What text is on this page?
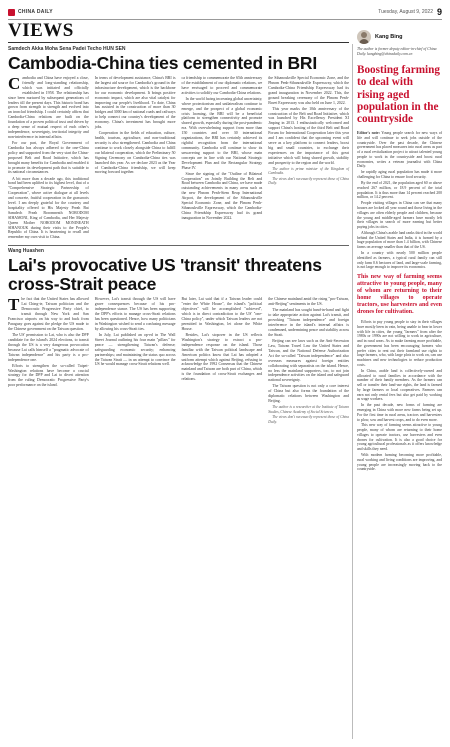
CHINA DAILY	Tuesday, August 9, 2022 9
VIEWS
Samdech Akka Moha Sena Padei Techo HUN SEN
Cambodia-China ties cemented in BRI

Cambodia and China have enjoyed a close, friendly and long-standing relationship, which was initiated and officially established in 1958. The relationship has since been nurtured by subsequent generations of leaders till the present days. This historic bond has grown from strength to strength and evolved into an ironclad friendship. I could certainly affirm that Cambodia-China relations are built on the foundation of a proven political trust and driven by a deep sense of mutual respect of each other's independence, sovereignty, territorial integrity and non-interference in internal affairs.

For our part, the Royal Government of Cambodia has always adhered to the one-China policy and supported from the very start the China-proposed Belt and Road Initiative, which has brought many benefits for Cambodia and enabled it to promote its development path that is suitable to its national circumstances.

A bit more than a decade ago, this traditional bond had been uplifted to its highest level, that of a "Comprehensive Strategic Partnership of Cooperation", where active dialogue at all levels and concrete, fruitful cooperation in the grassroots level. I am deeply grateful for the courtesy and hospitality offered to His Majesty Preah Bat Samdech Preah Boromneath NORODOM SIHAMONI, King of Cambodia, and Her Majesty Queen Mother NORODOM MONINEATH SIHANOUK during their visits to the People's Republic of China. It is heartening to recall and remember my own visit to China.

In terms of development assistance, China's BRI is the largest aid source for Cambodia's ground in the infrastructure development, which is the backbone for our economic development. It brings positive economic impact, which are also vital catalyst for improving our people's livelihood. To date, China has assisted in the construction of more than 30 bridges and 3000 km of national roads and railways to help connect our country's development of the economy. China's investment has brought more jobs.

Cooperation in the fields of education, culture, health, tourism, agriculture, and non-traditional security is also strengthened. Cambodia and China continue to work closely alongside China to fulfill our bilateral cooperation, which the Preliminary 50 Signing Ceremony on Cambodia-China ties was launched this year. As we declare 2023 as the Year of Cambodia-China friendship, we will keep moving forward together.

ca friendship to commemorate the 65th anniversary of the establishment of our diplomatic relations, we have envisaged to proceed and commemorate activities to solidify our Cambodia-China relations.

In the world facing increasing global uncertainty, where protectionism and unilateralism continue to emerge, and the prospect of a global economic crisis looming, the BRI will be a beneficial platform to strengthen connectivity and promote shared growth, especially during the post-pandemic era. With overwhelming support from more than 150 countries and over 30 international organizations, the BRI has certainly achieved its rightful recognition from the international community. Cambodia will continue to show its unwavering support to the BRI, whose main concepts are in line with our National Strategic Development Plan and the Rectangular Strategy Phase IV.

Since the signing of the "Outline of Bilateral Cooperation" on Jointly Building the Belt and Road between Cambodia and China, we have made outstanding achievements in many areas such as the new Phnom Penh-Siem Reap International Airport, the development of the Sihanoukville Special Economic Zone, and the Phnom Penh-Sihanoukville Expressway, which the Cambodia-China Friendship Expressway had its grand inauguration in November 2022.

the Sihanoukville Special Economic Zone, and the Phnom Penh-Sihanoukville Expressway, which the Cambodia-China Friendship Expressway had its grand inauguration in November 2022. This, the ground breaking ceremony of the Phnom Penh-Bavet Expressway was also held on June 1, 2022.

This year marks the 10th anniversary of the construction of the Belt and Road Initiative, which was launched by His Excellency President XI Jinping in 2013. I enthusiastically welcomed and support China's hosting of the third Belt and Road Forum for International Cooperation later this year and I am confident that the upcoming event will serve as a key platform to connect leaders, boost big and small countries, to exchange their experiences on the importance of this great initiative which will bring shared growth, stability and prosperity to the region and the world.

The author is prime minister of the Kingdom of Cambodia.

The views don't necessarily represent those of China Daily.

Wang Huashen
Lai's provocative US 'transit' threatens cross-Strait peace

The fact that the United States has allowed Lai Ching-te, Taiwan politician and the Democratic Progressive Party chief, to transit through New York and San Francisco airports on his way to and back from Paraguay goes against the pledge the US made to the Chinese government on the Taiwan question.

The US' permission to Lai, who is also the DPP candidate for the island's 2024 elections, to transit through the US is a very dangerous provocation because Lai calls himself a "pragmatic advocate of Taiwan independence" and his party is a pro-independence one.

Efforts to strengthen the so-called Taipei-Washington relations have become a crucial strategy for the DPP and Lai to divert attention from the ruling Democratic Progressive Party's poor performance on the island.

However, Lai's transit through the US will have grave consequences because of his pro-independence stance. The US has been supporting the DPP's efforts to manage cross-Strait relations has been questioned. Hence, how many politicians in Washington wished to send a confusing message by allowing his cross-Strait ties.

In July, Lai published an op-ed in The Wall Street Journal outlining his four main "pillars" for peace — strengthening Taiwan's defense; safeguarding economic security; enhancing partnerships; and maintaining the status quo across the Taiwan Strait — in an attempt to convince the US he would manage cross-Strait relations well.

But later, Lai said that if a Taiwan leader could "enter the White House", the island's "political objectives" will be accomplished "achieved", which is in direct contradiction to the US' "one-China policy", under which Taiwan leaders are not permitted in Washington, let alone the White House.

Besides, Lai's stopover in the US reflects Washington's strategy to extract a pro-independence response on the island. Those familiar with the Taiwan political landscape and American politics know that Lai has adopted a uniform attempt which against Beijing, refusing to acknowledge the 1992 Consensus that the Chinese mainland and Taiwan are both part of China, which is the foundation of cross-Strait exchanges and relations.

the Chinese mainland amid the rising "pro-Taiwan, anti-Beijing" sentiments in the US.

The mainland has sought hand-in-hand and fight to take appropriate action against Lai's transit, and provoking "Taiwan independence" and foreign interference in the island's internal affairs is condemned, undermining peace and stability across the Strait.

Beijing can see laws such as the Anti-Secession Law, Taiwan Travel Law the United States and Taiwan, and the National Defense Authorization Act the so-called "Taiwan independence" and also overseas measures against foreign entities collaborating with separatists on the island. Hence, no less the mainland supporters, too, to not join independence activities on the island and safeguard national sovereignty.

The Taiwan question is not only a core interest of China but also forms the foundation of the diplomatic relations between Washington and Beijing.

The author is a researcher at the Institute of Taiwan Studies, Chinese Academy of Social Sciences.

The views don't necessarily represent those of China Daily.

Kang Bing

The author is former deputy editor-in-chief of China Daily. kangbing@chinadaily.com.cn

Boosting farming to deal with rising aged population in the countryside

Editor's note: Young people search for new ways of life and will continue to seek jobs outside of the countryside. Over the past decade, the Chinese government has placed measures into rural areas as part of a rural revitalization project to attract talented young people to work in the countryside and boost rural economies, writes a veteran journalist with China Daily.

he rapidly aging rural population has made it more challenging for China to ensure food security.

By the end of 2021, the population aged 60 or above reached 267 million, or 18.9 percent of the total population. It is thus more than 14 percent reached 200 million, or 14.2 percent.

People visiting villages in China can see that many houses are locked all year round and those living in the villages are often elderly people and children, because the young and middle-aged farmers have mostly left their villages in search of more earning but better paying jobs in cities.

Although China's arable land ranks third in the world behind the United States and India, it is farmed by a huge population of more than 1.4 billion, with Chinese farms on average smaller than that of the US.

In a country with nearly 500 million people identified as farmers, a typical rural family can still only farm 0.6 hectares of land, and large-scale farming, is not large enough to improve its economics.

This new way of farming seems attractive to young people, many of whom are returning to their home villages to operate tractors, use harvesters and even drones for cultivation.

Efforts to pay young people to stay in their villages have mostly been in vain, being unable to bear in lower with life in cities, the young "farmers" from after the 1980s or 1990s are not willing to work in agriculture, and in rural areas. As to make farming more profitable, the government has been encouraging farmers who prefer cities to rent out their farmland use rights to large farmers, who, with large plots to work on, can use machines and new technologies to reduce production costs.

In China, arable land is collectively-owned and allocated to rural families in accordance with the number of their family members. As the farmers can sell or transfer their land-use rights, the land is farmed by large farmers or local cooperatives. Farmers can earn not only rental fees but also get paid by working as wage workers.

In the past decade, new forms of farming are emerging in China with more new farms being set up. For the first time in rural areas, tractors and harvesters to plow, sow and harvest crops, and to do even more.

This new way of farming seems attractive to young people, many of whom are returning to their home villages to operate tractors, use harvesters and even drones for cultivation. It is also a good choice for young agricultural professionals as it offers knowledge and skills they need.

With modern farming becoming more profitable, rural working and living conditions are improving, and young people are increasingly moving back to the countryside.
